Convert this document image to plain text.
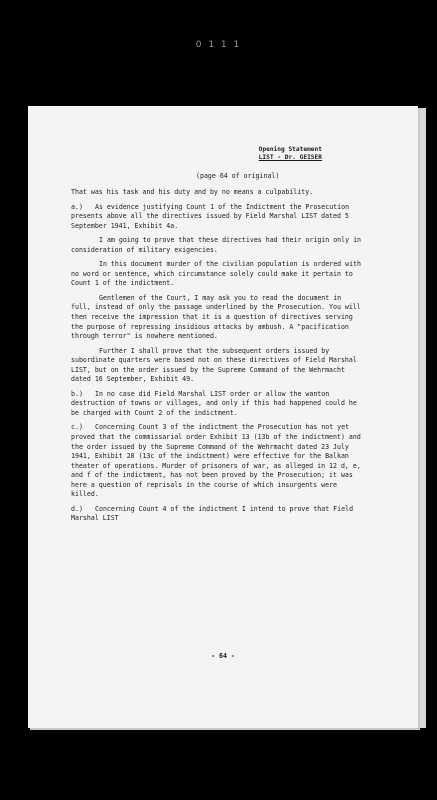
0 1 1 1
Opening Statement
LIST - Dr. GEISER
(page 64 of original)

That was his task and his duty and by no means a culpability.

a.) As evidence justifying Count 1 of the Indictment the Prosecution presents above all the directives issued by Field Marshal LIST dated 5 September 1941, Exhibit 4a.

I am going to prove that these directives had their origin only in consideration of military exigencies.

In this document murder of the civilian population is ordered with no word or sentence, which circumstance solely could make it pertain to Count 1 of the indictment.

Gentlemen of the Court, I may ask you to read the document in full, instead of only the passage underlined by the Prosecution. You will then receive the impression that it is a question of directives serving the purpose of repressing insidious attacks by ambush. A "pacification through terror" is nowhere mentioned.

Further I shall prove that the subsequent orders issued by subordinate quarters were based not on these directives of Field Marshal LIST, but on the order issued by the Supreme Command of the Wehrmacht dated 16 September, Exhibit 49.

b.) In no case did Field Marshal LIST order or allow the wanton destruction of towns or villages, and only if this had happened could he be charged with Count 2 of the indictment.

c.) Concerning Count 3 of the indictment the Prosecution has not yet proved that the commissarial order Exhibit 13 (13b of the indictment) and the order issued by the Supreme Command of the Wehrmacht dated 23 July 1941, Exhibit 28 (13c of the indictment) were effective for the Balkan theater of operations. Murder of prisoners of war, as alleged in 12 d, e, and f of the indictment, has not been proved by the Prosecution; it was here a question of reprisals in the course of which insurgents were killed.

d.) Concerning Count 4 of the indictment I intend to prove that Field Marshal LIST

- 64 -
